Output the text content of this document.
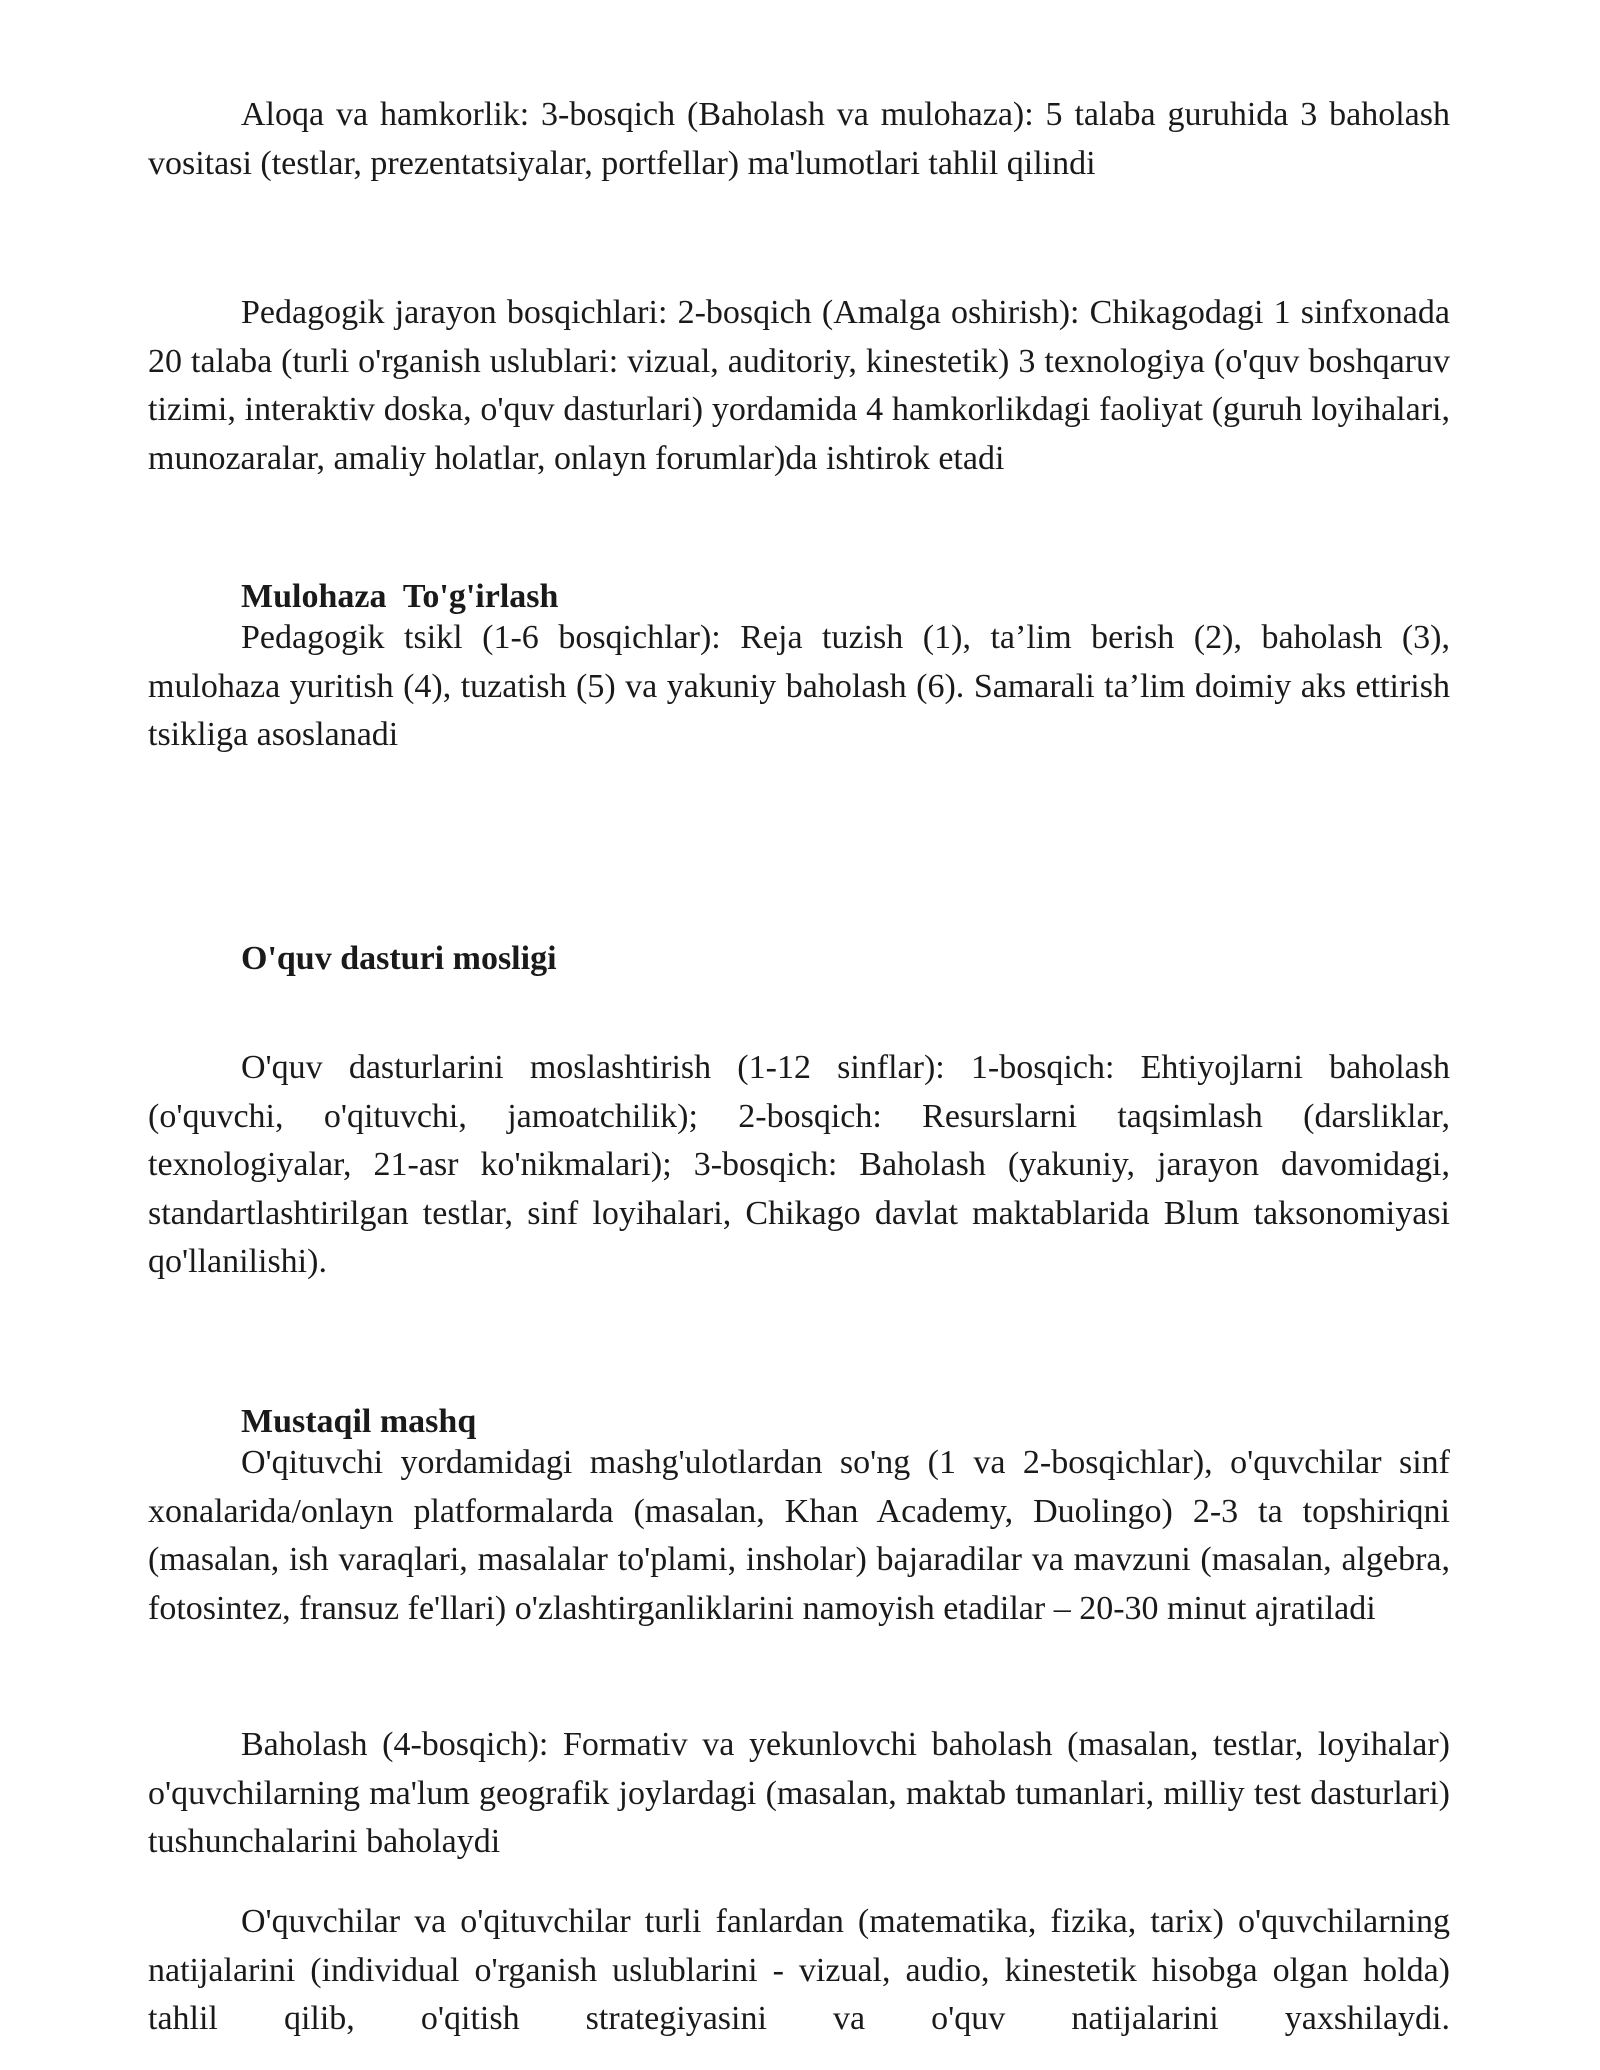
Aloqa va hamkorlik: 3-bosqich (Baholash va mulohaza): 5 talaba guruhida 3 baholash vositasi (testlar, prezentatsiyalar, portfellar) ma'lumotlari tahlil qilindi

Pedagogik jarayon bosqichlari: 2-bosqich (Amalga oshirish): Chikagodagi 1 sinfxonada 20 talaba (turli o'rganish uslublari: vizual, auditoriy, kinestetik) 3 texnologiya (o'quv boshqaruv tizimi, interaktiv doska, o'quv dasturlari) yordamida 4 hamkorlikdagi faoliyat (guruh loyihalari, munozaralar, amaliy holatlar, onlayn forumlar)da ishtirok etadi

Mulohaza  To'g'irlash

Pedagogik tsikl (1-6 bosqichlar): Reja tuzish (1), ta’lim berish (2), baholash (3), mulohaza yuritish (4), tuzatish (5) va yakuniy baholash (6). Samarali ta’lim doimiy aks ettirish tsikliga asoslanadi

O'quv dasturi mosligi

O'quv dasturlarini moslashtirish (1-12 sinflar): 1-bosqich: Ehtiyojlarni baholash (o'quvchi, o'qituvchi, jamoatchilik); 2-bosqich: Resurslarni taqsimlash (darsliklar, texnologiyalar, 21-asr ko'nikmalari); 3-bosqich: Baholash (yakuniy, jarayon davomidagi, standartlashtirilgan testlar, sinf loyihalari, Chikago davlat maktablarida Blum taksonomiyasi qo'llanilishi).

Mustaqil mashq

O'qituvchi yordamidagi mashg'ulotlardan so'ng (1 va 2-bosqichlar), o'quvchilar sinf xonalarida/onlayn platformalarda (masalan, Khan Academy, Duolingo) 2-3 ta topshiriqni (masalan, ish varaqlari, masalalar to'plami, insholar) bajaradilar va mavzuni (masalan, algebra, fotosintez, fransuz fe'llari) o'zlashtirganliklarini namoyish etadilar – 20-30 minut ajratiladi

Baholash (4-bosqich): Formativ va yekunlovchi baholash (masalan, testlar, loyihalar) o'quvchilarning ma'lum geografik joylardagi (masalan, maktab tumanlari, milliy test dasturlari) tushunchalarini baholaydi

O'quvchilar va o'qituvchilar turli fanlardan (matematika, fizika, tarix) o'quvchilarning natijalarini (individual o'rganish uslublarini - vizual, audio, kinestetik hisobga olgan holda) tahlil qilib, o'qitish strategiyasini va o'quv natijalarini yaxshilaydi.
